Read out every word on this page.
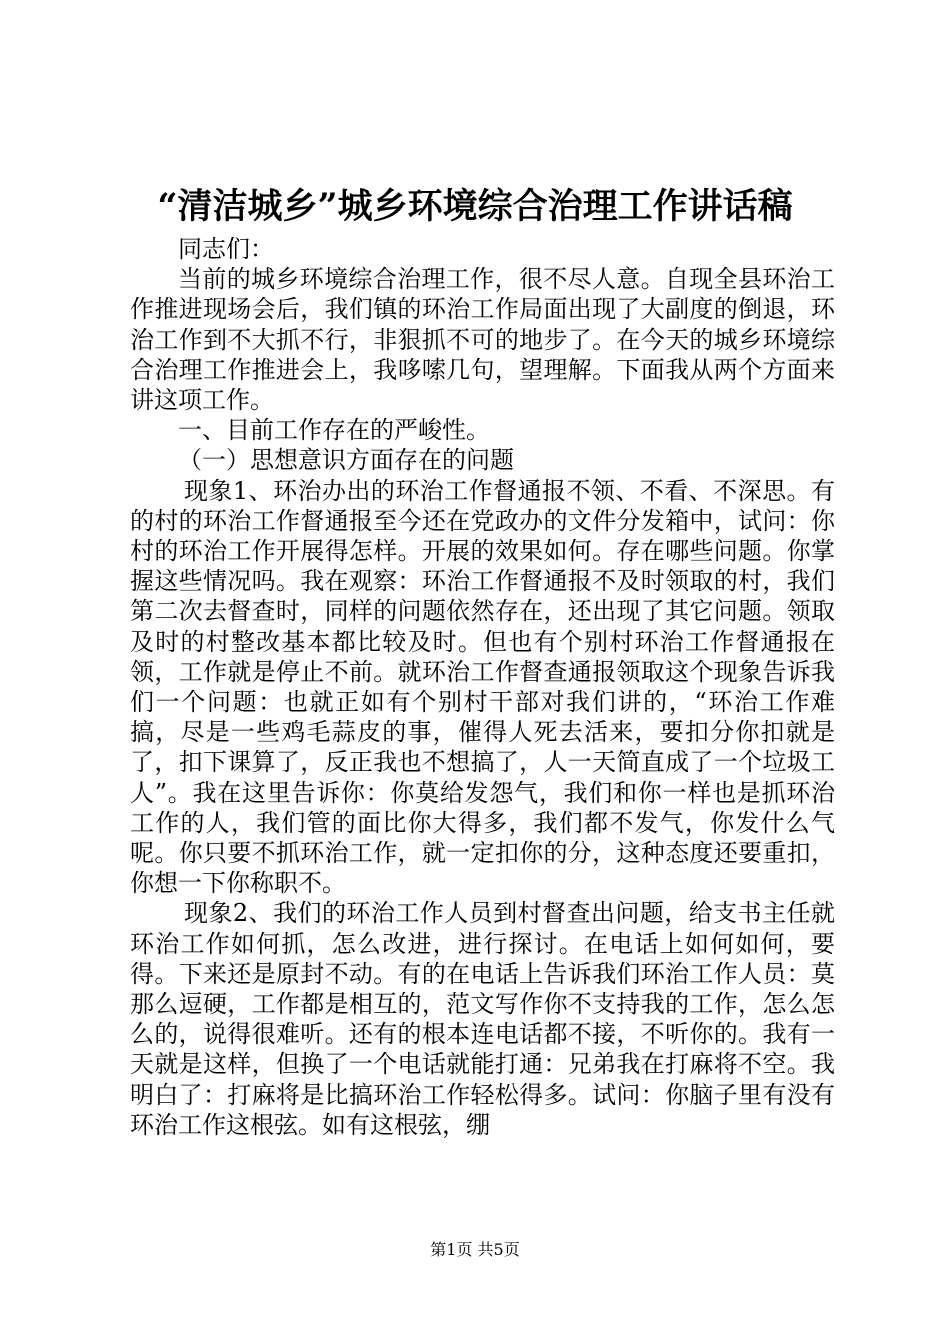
“清洁城乡”城乡环境综合治理工作讲话稿

同志们：

当前的城乡环境综合治理工作，很不尽人意。自现全县环治工作推进现场会后，我们镇的环治工作局面出现了大副度的倒退，环治工作到不大抓不行，非狠抓不可的地步了。在今天的城乡环境综合治理工作推进会上，我哆嗦几句，望理解。下面我从两个方面来讲这项工作。

一、目前工作存在的严峻性。

（一）思想意识方面存在的问题

现象1、环治办出的环治工作督通报不领、不看、不深思。有的村的环治工作督通报至今还在党政办的文件分发箱中，试问：你村的环治工作开展得怎样。开展的效果如何。存在哪些问题。你掌握这些情况吗。我在观察：环治工作督通报不及时领取的村，我们第二次去督查时，同样的问题依然存在，还出现了其它问题。领取及时的村整改基本都比较及时。但也有个别村环治工作督通报在领，工作就是停止不前。就环治工作督查通报领取这个现象告诉我们一个问题：也就正如有个别村干部对我们讲的，“环治工作难搞，尽是一些鸡毛蒜皮的事，催得人死去活来，要扣分你扣就是了，扣下课算了，反正我也不想搞了，人一天简直成了一个垃圾工人”。我在这里告诉你：你莫给发怨气，我们和你一样也是抓环治工作的人，我们管的面比你大得多，我们都不发气，你发什么气呢。你只要不抓环治工作，就一定扣你的分，这种态度还要重扣，你想一下你称职不。

现象2、我们的环治工作人员到村督查出问题，给支书主任就环治工作如何抓，怎么改进，进行探讨。在电话上如何如何，要得。下来还是原封不动。有的在电话上告诉我们环治工作人员：莫那么逗硬，工作都是相互的，范文写作你不支持我的工作，怎么怎么的，说得很难听。还有的根本连电话都不接，不听你的。我有一天就是这样，但换了一个电话就能打通：兄弟我在打麻将不空。我明白了：打麻将是比搞环治工作轻松得多。试问：你脑子里有没有环治工作这根弦。如有这根弦，绷

第1页 共5页
